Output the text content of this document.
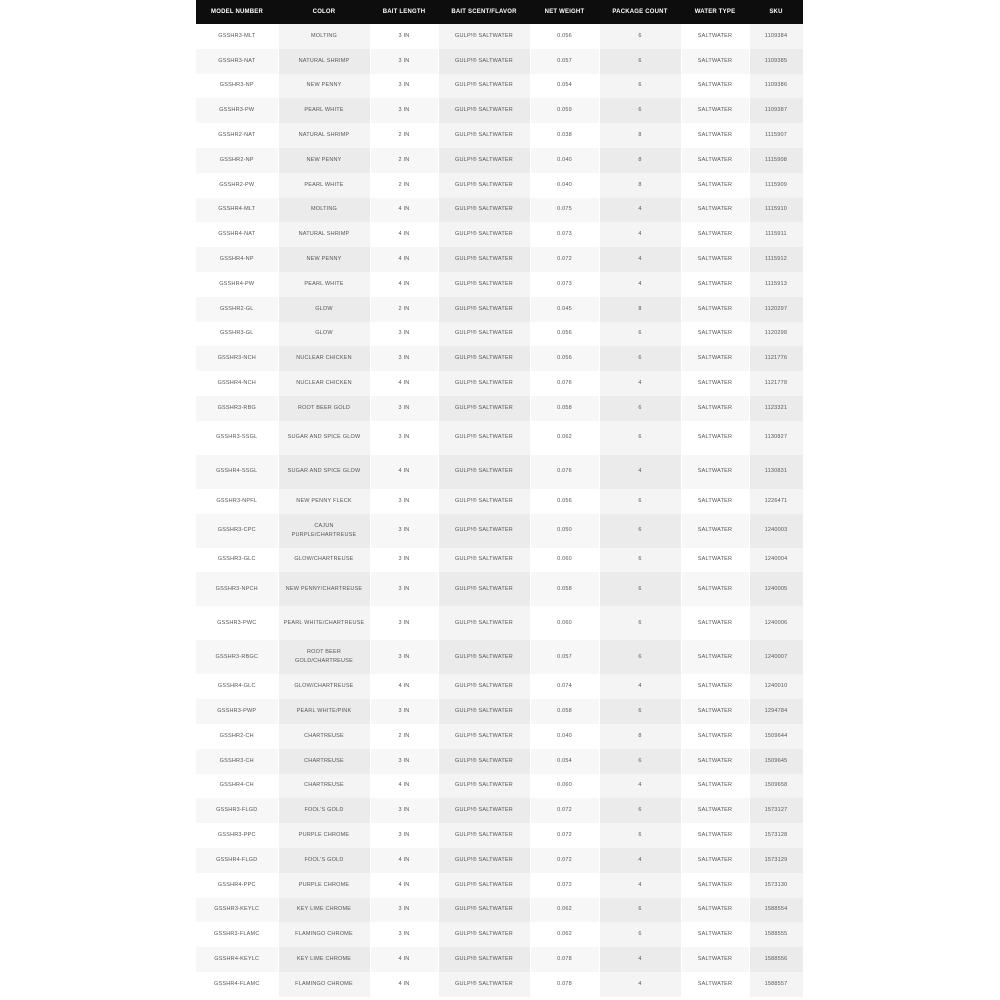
MODEL NUMBER	COLOR	BAIT LENGTH	BAIT SCENT/FLAVOR	NET WEIGHT	PACKAGE COUNT	WATER TYPE	SKU
GSSHR3-MLT	MOLTING	3 IN	GULP!® SALTWATER	0.056	6	SALTWATER	1109384
GSSHR3-NAT	NATURAL SHRIMP	3 IN	GULP!® SALTWATER	0.057	6	SALTWATER	1109385
GSSHR3-NP	NEW PENNY	3 IN	GULP!® SALTWATER	0.054	6	SALTWATER	1109386
GSSHR3-PW	PEARL WHITE	3 IN	GULP!® SALTWATER	0.059	6	SALTWATER	1109387
GSSHR2-NAT	NATURAL SHRIMP	2 IN	GULP!® SALTWATER	0.038	8	SALTWATER	1115907
GSSHR2-NP	NEW PENNY	2 IN	GULP!® SALTWATER	0.040	8	SALTWATER	1115908
GSSHR2-PW	PEARL WHITE	2 IN	GULP!® SALTWATER	0.040	8	SALTWATER	1115909
GSSHR4-MLT	MOLTING	4 IN	GULP!® SALTWATER	0.075	4	SALTWATER	1115910
GSSHR4-NAT	NATURAL SHRIMP	4 IN	GULP!® SALTWATER	0.073	4	SALTWATER	1115911
GSSHR4-NP	NEW PENNY	4 IN	GULP!® SALTWATER	0.072	4	SALTWATER	1115912
GSSHR4-PW	PEARL WHITE	4 IN	GULP!® SALTWATER	0.073	4	SALTWATER	1115913
GSSHR2-GL	GLOW	2 IN	GULP!® SALTWATER	0.045	8	SALTWATER	1120297
GSSHR3-GL	GLOW	3 IN	GULP!® SALTWATER	0.056	6	SALTWATER	1120298
GSSHR3-NCH	NUCLEAR CHICKEN	3 IN	GULP!® SALTWATER	0.056	6	SALTWATER	1121776
GSSHR4-NCH	NUCLEAR CHICKEN	4 IN	GULP!® SALTWATER	0.076	4	SALTWATER	1121778
GSSHR3-RBG	ROOT BEER GOLD	3 IN	GULP!® SALTWATER	0.058	6	SALTWATER	1123321
GSSHR3-SSGL	SUGAR AND SPICE GLOW	3 IN	GULP!® SALTWATER	0.062	6	SALTWATER	1130827
GSSHR4-SSGL	SUGAR AND SPICE GLOW	4 IN	GULP!® SALTWATER	0.076	4	SALTWATER	1130831
GSSHR3-NPFL	NEW PENNY FLECK	3 IN	GULP!® SALTWATER	0.056	6	SALTWATER	1226471
GSSHR3-CPC	CAJUN PURPLE/CHARTREUSE	3 IN	GULP!® SALTWATER	0.050	6	SALTWATER	1240003
GSSHR3-GLC	GLOW/CHARTREUSE	3 IN	GULP!® SALTWATER	0.060	6	SALTWATER	1240004
GSSHR3-NPCH	NEW PENNY/CHARTREUSE	3 IN	GULP!® SALTWATER	0.058	6	SALTWATER	1240005
GSSHR3-PWC	PEARL WHITE/CHARTREUSE	3 IN	GULP!® SALTWATER	0.060	6	SALTWATER	1240006
GSSHR3-RBGC	ROOT BEER GOLD/CHARTREUSE	3 IN	GULP!® SALTWATER	0.057	6	SALTWATER	1240007
GSSHR4-GLC	GLOW/CHARTREUSE	4 IN	GULP!® SALTWATER	0.074	4	SALTWATER	1240010
GSSHR3-PWP	PEARL WHITE/PINK	3 IN	GULP!® SALTWATER	0.058	6	SALTWATER	1294784
GSSHR2-CH	CHARTREUSE	2 IN	GULP!® SALTWATER	0.040	8	SALTWATER	1509644
GSSHR3-CH	CHARTREUSE	3 IN	GULP!® SALTWATER	0.054	6	SALTWATER	1509645
GSSHR4-CH	CHARTREUSE	4 IN	GULP!® SALTWATER	0.060	4	SALTWATER	1509658
GSSHR3-FLGD	FOOL'S GOLD	3 IN	GULP!® SALTWATER	0.072	6	SALTWATER	1573127
GSSHR3-PPC	PURPLE CHROME	3 IN	GULP!® SALTWATER	0.072	6	SALTWATER	1573128
GSSHR4-FLGD	FOOL'S GOLD	4 IN	GULP!® SALTWATER	0.072	4	SALTWATER	1573129
GSSHR4-PPC	PURPLE CHROME	4 IN	GULP!® SALTWATER	0.072	4	SALTWATER	1573130
GSSHR3-KEYLC	KEY LIME CHROME	3 IN	GULP!® SALTWATER	0.062	6	SALTWATER	1588554
GSSHR3-FLAMC	FLAMINGO CHROME	3 IN	GULP!® SALTWATER	0.062	6	SALTWATER	1588555
GSSHR4-KEYLC	KEY LIME CHROME	4 IN	GULP!® SALTWATER	0.078	4	SALTWATER	1588556
GSSHR4-FLAMC	FLAMINGO CHROME	4 IN	GULP!® SALTWATER	0.078	4	SALTWATER	1588557
